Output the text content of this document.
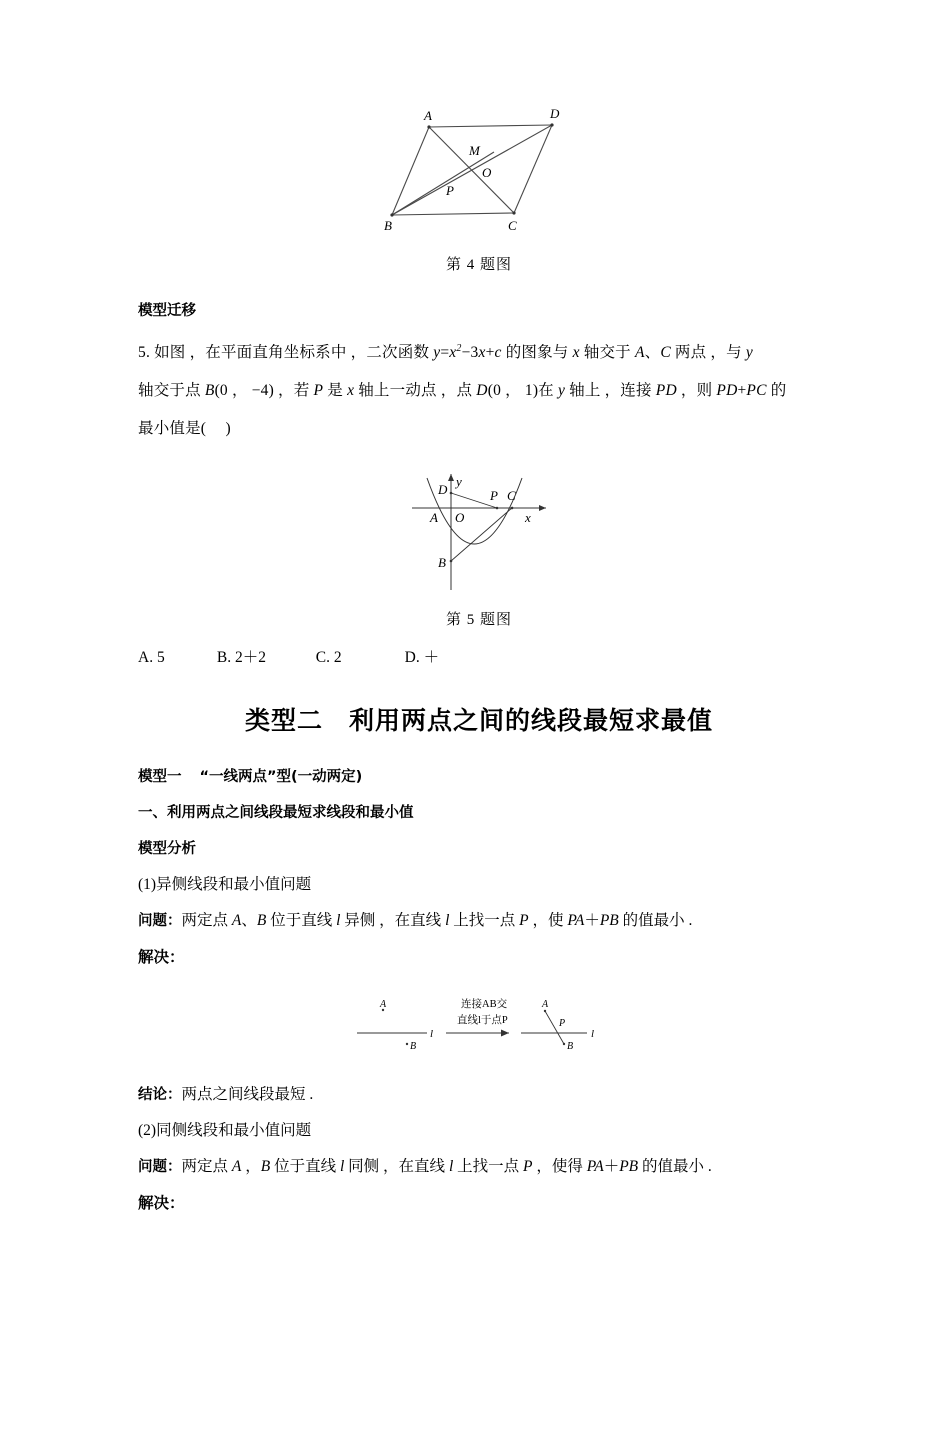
A	D
B	C
M
O
P
第 4 题图
模型迁移
5. 如图 ，在平面直角坐标系中 ，二次函数 $y=x^2-3x+c$ 的图象与 x 轴交于 A、C 两点 ，与 y
轴交于点 B(0 ， −4) ，若 P 是 x 轴上一动点 ，点 D(0 ， 1)在 y 轴上 ，连接 PD ，则 PD+PC 的
最小值是( )
D	P C
A O	x
y
B
第 5 题图
A. 5	B. 2＋2	C. 2	D. ＋
类型二 利用两点之间的线段最短求最值
模型一 “一线两点”型(一动两定)
一、利用两点之间线段最短求线段和最小值
模型分析
(1)异侧线段和最小值问题
问题：两定点 A、B 位于直线 l 异侧 ，在直线 l 上找一点 P ，使 PA＋PB 的值最小 .
解决：
l
A
B
连接AB交
直线l于点P
l
A
B
P
结论：两点之间线段最短 .
(2)同侧线段和最小值问题
问题：两定点 A ，B 位于直线 l 同侧 ，在直线 l 上找一点 P ，使得 PA＋PB 的值最小 .
解决：
